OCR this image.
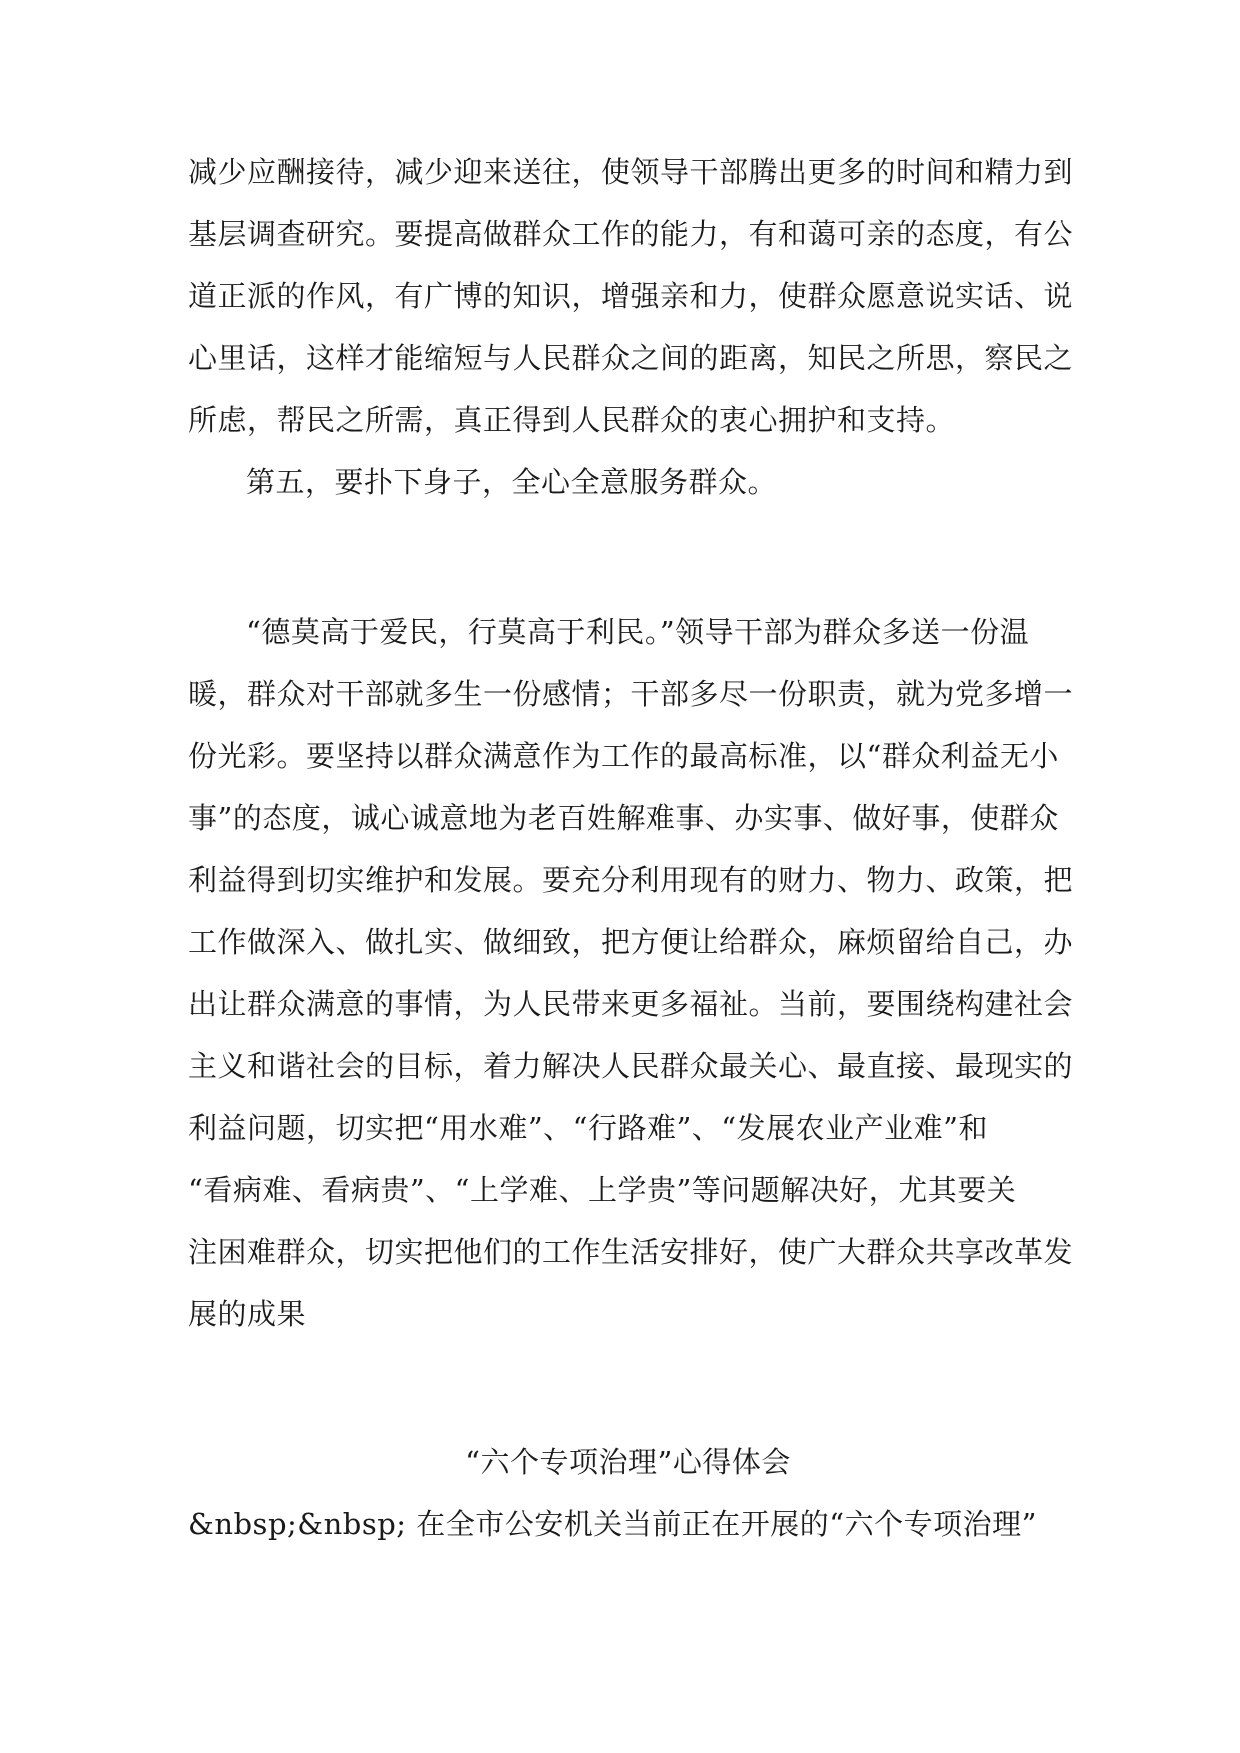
减少应酬接待，减少迎来送往，使领导干部腾出更多的时间和精力到
基层调查研究。要提高做群众工作的能力，有和蔼可亲的态度，有公
道正派的作风，有广博的知识，增强亲和力，使群众愿意说实话、说
心里话，这样才能缩短与人民群众之间的距离，知民之所思，察民之
所虑，帮民之所需，真正得到人民群众的衷心拥护和支持。
第五，要扑下身子，全心全意服务群众。
“德莫高于爱民，行莫高于利民。”领导干部为群众多送一份温
暖，群众对干部就多生一份感情；干部多尽一份职责，就为党多增一
份光彩。要坚持以群众满意作为工作的最高标准，以“群众利益无小
事”的态度，诚心诚意地为老百姓解难事、办实事、做好事，使群众
利益得到切实维护和发展。要充分利用现有的财力、物力、政策，把
工作做深入、做扎实、做细致，把方便让给群众，麻烦留给自己，办
出让群众满意的事情，为人民带来更多福祉。当前，要围绕构建社会
主义和谐社会的目标，着力解决人民群众最关心、最直接、最现实的
利益问题，切实把“用水难”、“行路难”、“发展农业产业难”和
“看病难、看病贵”、“上学难、上学贵”等问题解决好，尤其要关
注困难群众，切实把他们的工作生活安排好，使广大群众共享改革发
展的成果
“六个专项治理”心得体会
&nbsp;&nbsp; 在全市公安机关当前正在开展的“六个专项治理”
